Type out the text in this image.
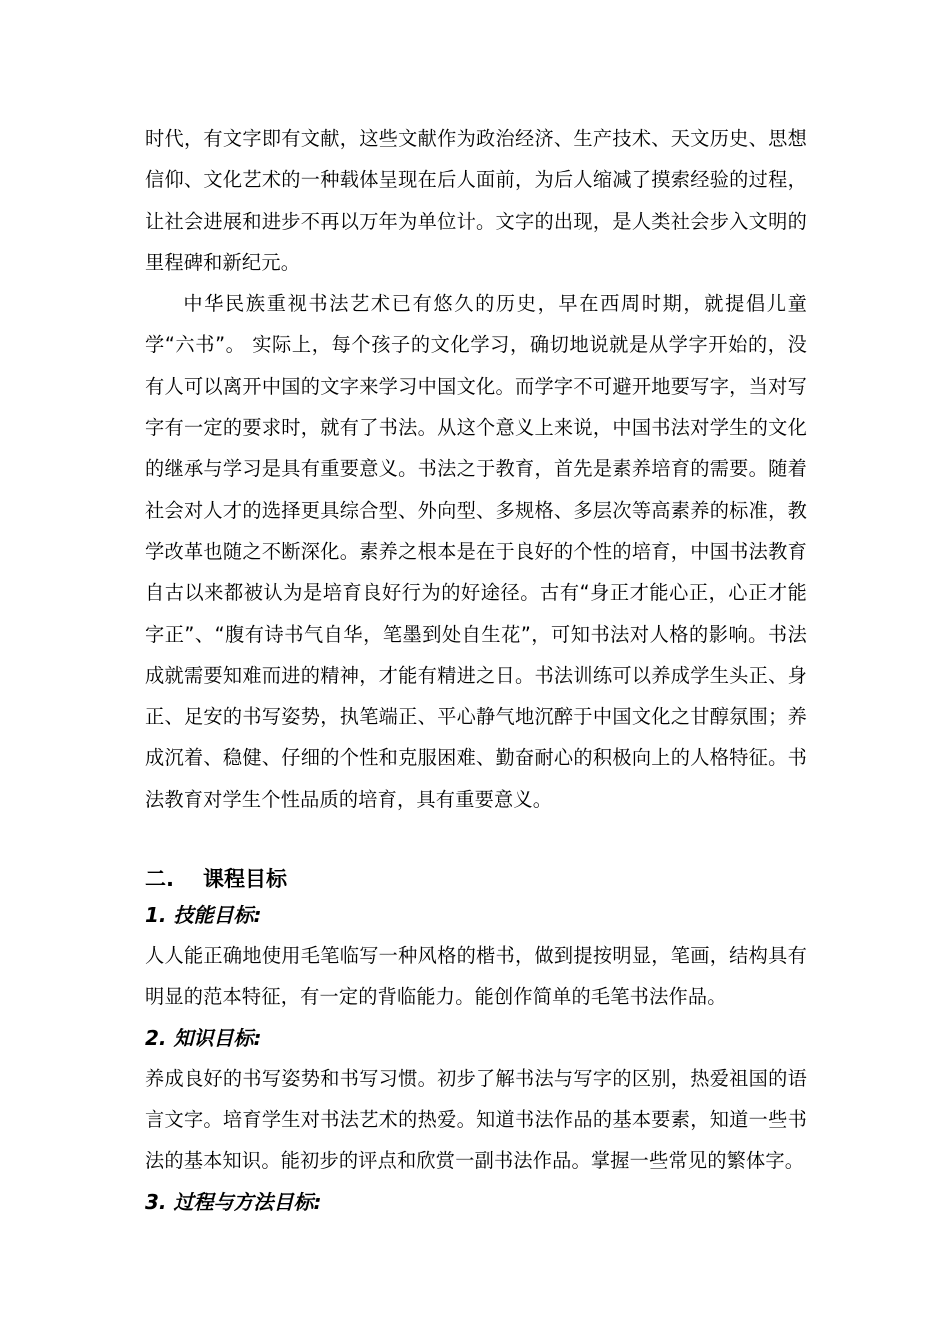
时代，有文字即有文献，这些文献作为政治经济、生产技术、天文历史、思想信仰、文化艺术的一种载体呈现在后人面前，为后人缩减了摸索经验的过程，让社会进展和进步不再以万年为单位计。文字的出现，是人类社会步入文明的里程碑和新纪元。

中华民族重视书法艺术已有悠久的历史，早在西周时期，就提倡儿童学“六书”。 实际上，每个孩子的文化学习，确切地说就是从学字开始的，没有人可以离开中国的文字来学习中国文化。而学字不可避开地要写字，当对写字有一定的要求时，就有了书法。从这个意义上来说，中国书法对学生的文化的继承与学习是具有重要意义。书法之于教育，首先是素养培育的需要。随着社会对人才的选择更具综合型、外向型、多规格、多层次等高素养的标准，教学改革也随之不断深化。素养之根本是在于良好的个性的培育，中国书法教育自古以来都被认为是培育良好行为的好途径。古有“身正才能心正，心正才能字正”、“腹有诗书气自华，笔墨到处自生花”，可知书法对人格的影响。书法成就需要知难而进的精神，才能有精进之日。书法训练可以养成学生头正、身正、足安的书写姿势，执笔端正、平心静气地沉醉于中国文化之甘醇氛围；养成沉着、稳健、仔细的个性和克服困难、勤奋耐心的积极向上的人格特征。书法教育对学生个性品质的培育，具有重要意义。

二. 课程目标
1. 技能目标:

人人能正确地使用毛笔临写一种风格的楷书，做到提按明显，笔画，结构具有明显的范本特征，有一定的背临能力。能创作简单的毛笔书法作品。

2. 知识目标:

养成良好的书写姿势和书写习惯。初步了解书法与写字的区别，热爱祖国的语言文字。培育学生对书法艺术的热爱。知道书法作品的基本要素，知道一些书法的基本知识。能初步的评点和欣赏一副书法作品。掌握一些常见的繁体字。

3. 过程与方法目标:
